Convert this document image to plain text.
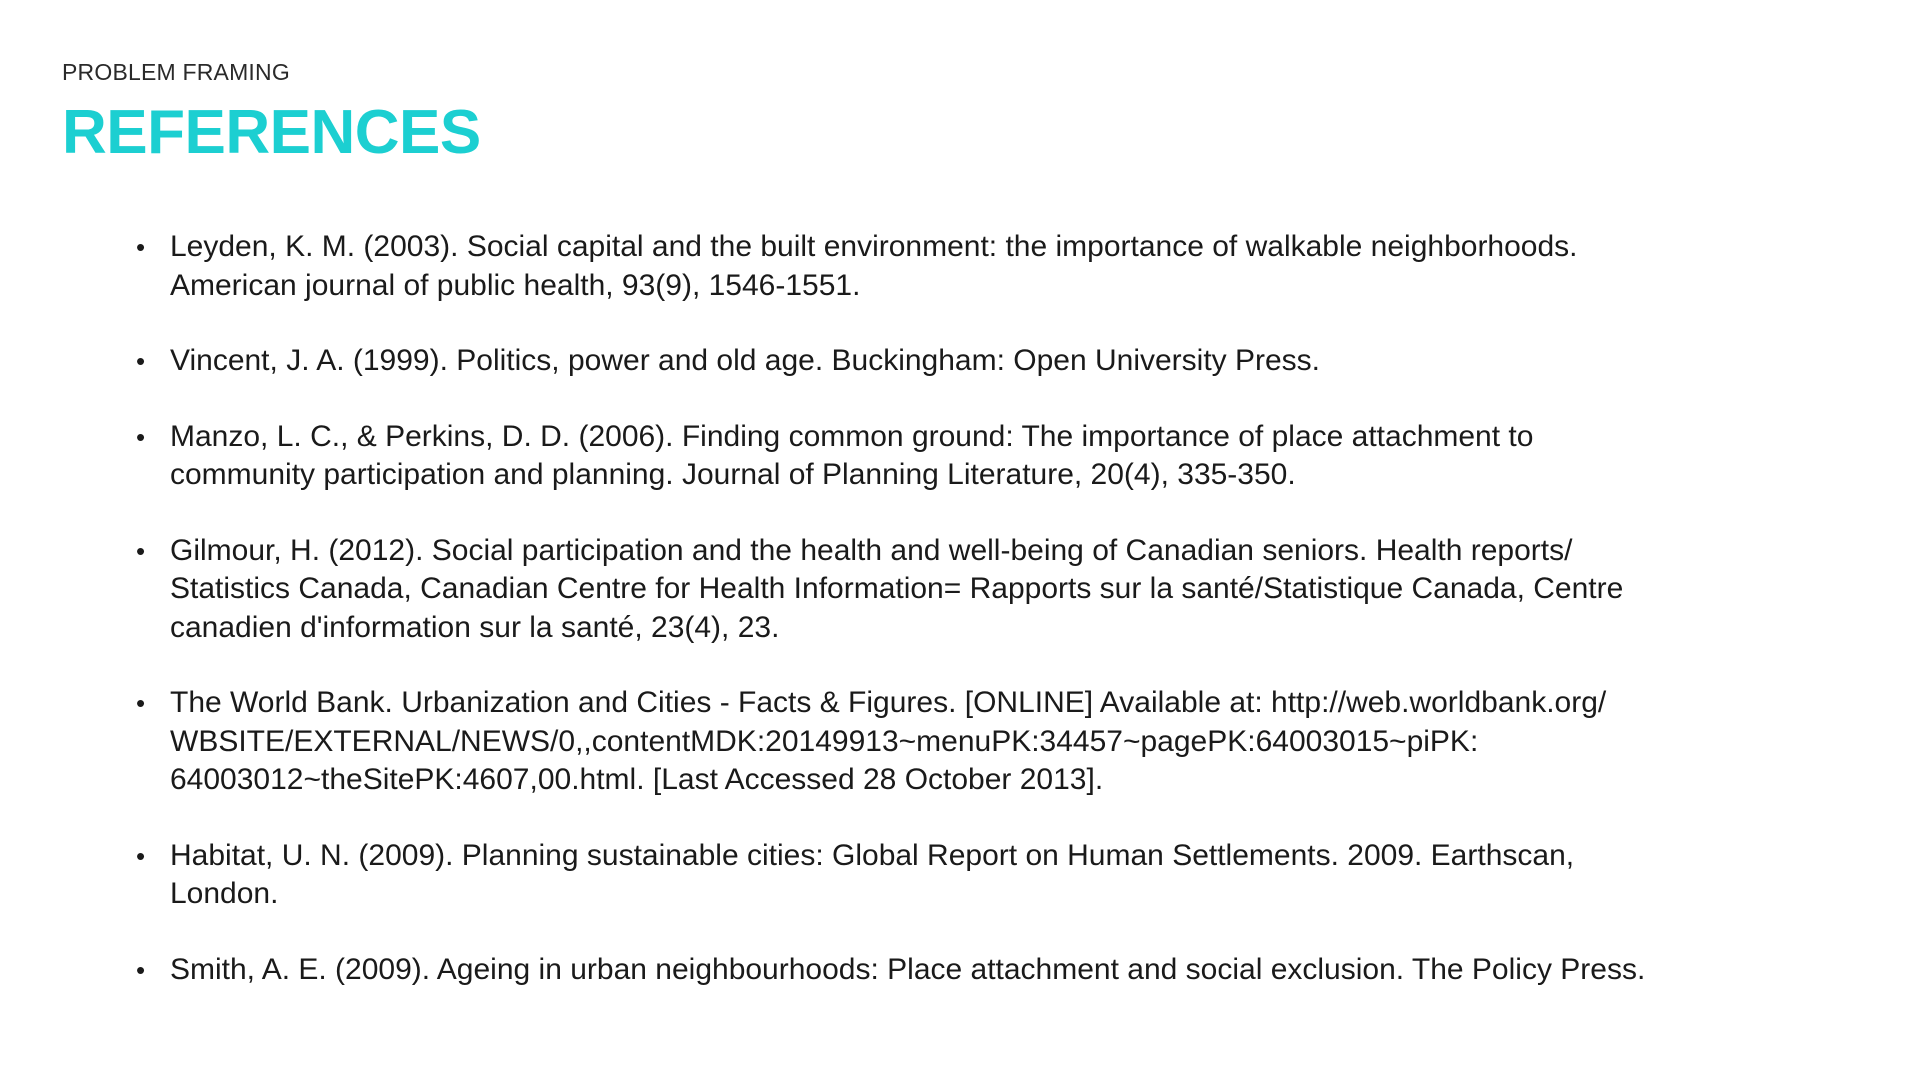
PROBLEM FRAMING
REFERENCES
• Leyden, K. M. (2003). Social capital and the built environment: the importance of walkable neighborhoods.
American journal of public health, 93(9), 1546-1551.
• Vincent, J. A. (1999). Politics, power and old age. Buckingham: Open University Press.
• Manzo, L. C., & Perkins, D. D. (2006). Finding common ground: The importance of place attachment to
community participation and planning. Journal of Planning Literature, 20(4), 335-350.
• Gilmour, H. (2012). Social participation and the health and well-being of Canadian seniors. Health reports/
Statistics Canada, Canadian Centre for Health Information= Rapports sur la santé/Statistique Canada, Centre
canadien d'information sur la santé, 23(4), 23.
• The World Bank. Urbanization and Cities - Facts & Figures. [ONLINE] Available at: http://web.worldbank.org/
WBSITE/EXTERNAL/NEWS/0,,contentMDK:20149913~menuPK:34457~pagePK:64003015~piPK:
64003012~theSitePK:4607,00.html. [Last Accessed 28 October 2013].
• Habitat, U. N. (2009). Planning sustainable cities: Global Report on Human Settlements. 2009. Earthscan,
London.
• Smith, A. E. (2009). Ageing in urban neighbourhoods: Place attachment and social exclusion. The Policy Press.
